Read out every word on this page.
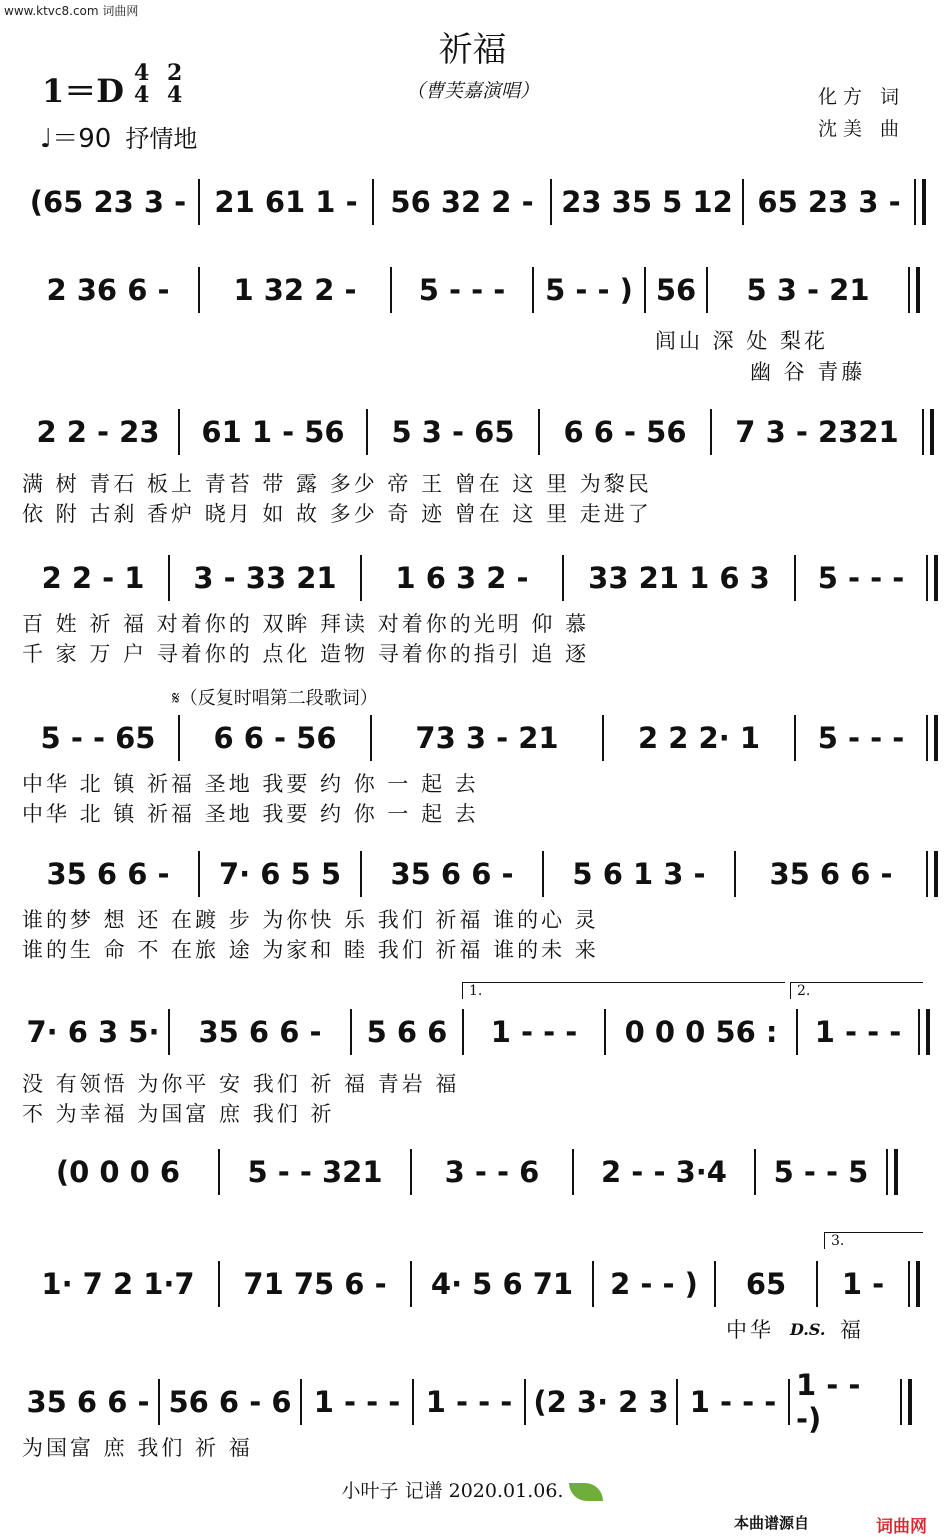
www.ktvc8.com 词曲网
祈福
（曹芙嘉演唱）
1＝D 4
4

2
4
♩＝90 抒情地
化方 词
沈美 曲
(65 23 3 - 21 61 1 -	56 32 2 - 23 35 5 12 65 23 3 -
2 36 6 -	1 32 2 -	5 - - -	5 - - ) 56	5 3 - 21
闾山 深 处 梨花
幽 谷 青藤
2 2 - 23	61 1 - 56	5 3 - 65	6 6 - 56	7 3 - 2321
满 树 青石 板上 青苔 带 露 多少 帝 王 曾在 这 里 为黎民
依 附 古刹 香炉 晓月 如 故 多少 奇 迹 曾在 这 里 走进了
2 2 - 1	3 - 33 21	1 6 3 2 -	33 21 1 6 3	5 - - -
百 姓 祈 福 对着你的 双眸 拜读 对着你的光明 仰 慕
千 家 万 户 寻着你的 点化 造物 寻着你的指引 追 逐
5 - - 65	6 6 - 56	73 3 - 21	2 2 2· 1	5 - - -
中华 北 镇 祈福 圣地 我要 约 你 一 起 去
中华 北 镇 祈福 圣地 我要 约 你 一 起 去
𝄋（反复时唱第二段歌词）
35 6 6 -	7· 6 5 5	35 6 6 -	5 6 1 3 -	35 6 6 -
谁的梦 想 还 在踱 步 为你快 乐 我们 祈福 谁的心 灵
谁的生 命 不 在旅 途 为家和 睦 我们 祈福 谁的未 来
7· 6 3 5·	35 6 6 -	5 6 6	1 - - -	0 0 0 56 :	1 - - -
没 有领悟 为你平 安 我们 祈 福 青岩 福
不 为幸福 为国富 庶 我们 祈
1.	2.
(0 0 0 6	5 - - 321	3 - - 6	2 - - 3·4	5 - - 5
1· 7 2 1·7	71 75 6 -	4· 5 6 71	2 - - )	65	1 -
中华
3.
D.S. 福
35 6 6 - 56 6 - 6 1 - - - 1 - - - (2 3· 2 3 1 - - - 1 - - -)
为国富 庶 我们 祈 福
小叶子 记谱 2020.01.06.
本曲谱源自	词曲网
